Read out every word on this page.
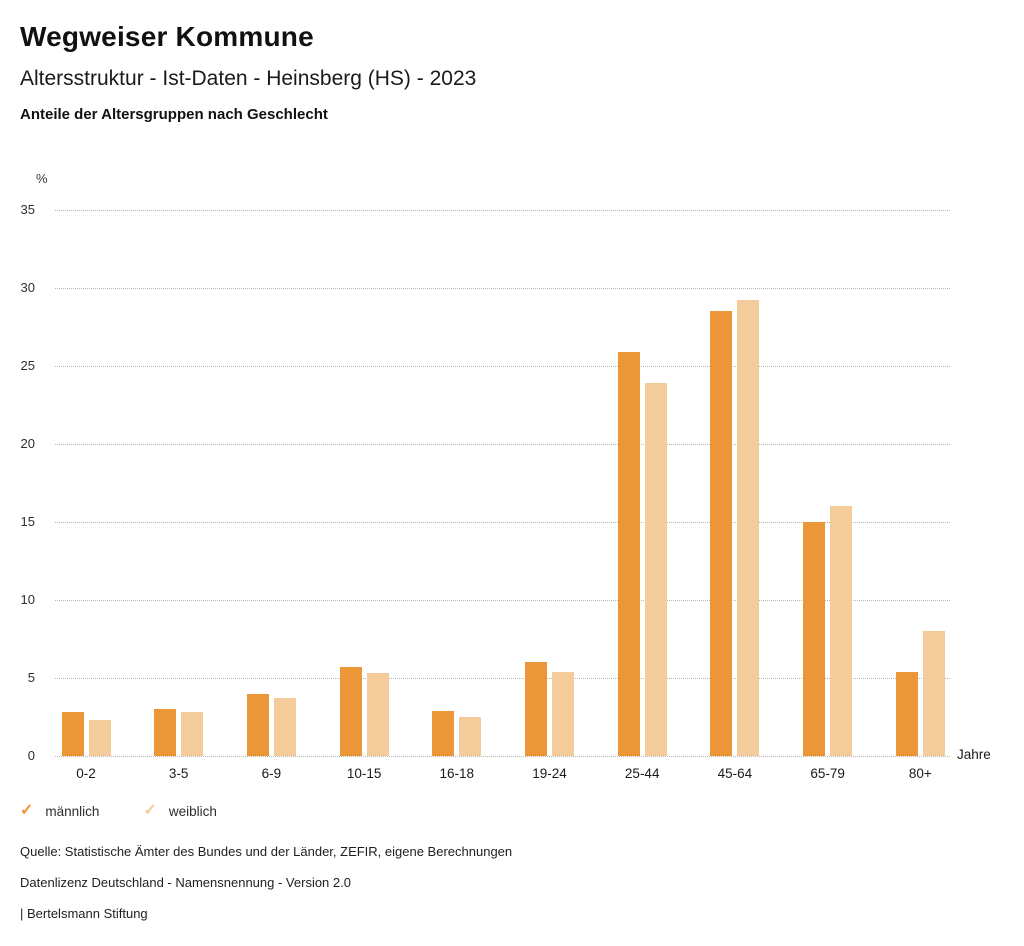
Wegweiser Kommune
Altersstruktur - Ist-Daten - Heinsberg (HS) - 2023
Anteile der Altersgruppen nach Geschlecht
%
Jahre
0
5
10
15
20
25
30
35
0-2	3-5	6-9	10-15	16-18	19-24	25-44	45-64	65-79	80+
✓ männlich	✓ weiblich
Quelle: Statistische Ämter des Bundes und der Länder, ZEFIR, eigene Berechnungen
Datenlizenz Deutschland - Namensnennung - Version 2.0
| Bertelsmann Stiftung
